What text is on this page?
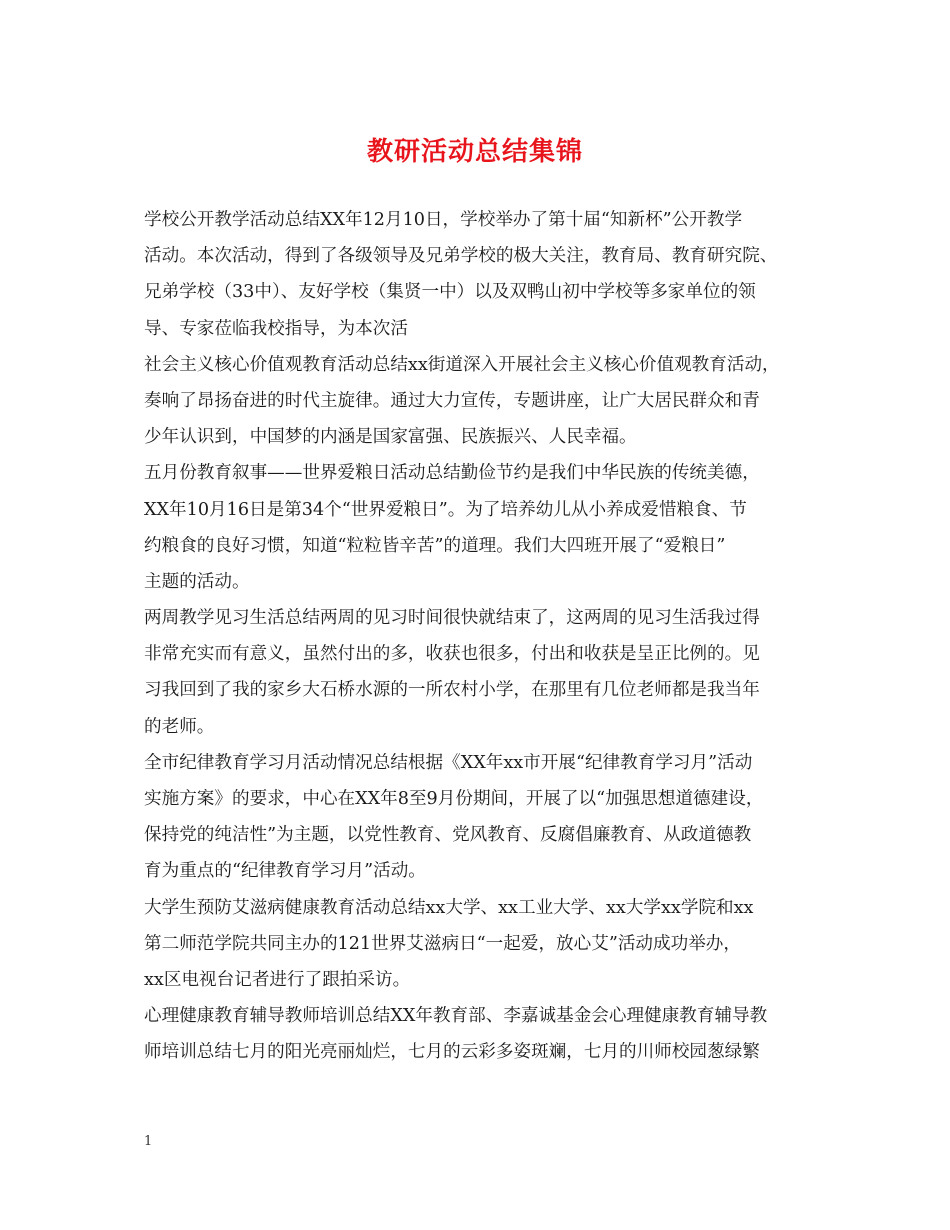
教研活动总结集锦
学校公开教学活动总结XX年12月10日，学校举办了第十届“知新杯”公开教学
活动。本次活动，得到了各级领导及兄弟学校的极大关注，教育局、教育研究院、
兄弟学校（33中）、友好学校（集贤一中）以及双鸭山初中学校等多家单位的领
导、专家莅临我校指导，为本次活
社会主义核心价值观教育活动总结xx街道深入开展社会主义核心价值观教育活动，
奏响了昂扬奋进的时代主旋律。通过大力宣传，专题讲座，让广大居民群众和青
少年认识到，中国梦的内涵是国家富强、民族振兴、人民幸福。
五月份教育叙事——世界爱粮日活动总结勤俭节约是我们中华民族的传统美德，
XX年10月16日是第34个“世界爱粮日”。为了培养幼儿从小养成爱惜粮食、节
约粮食的良好习惯，知道“粒粒皆辛苦”的道理。我们大四班开展了“爱粮日”
主题的活动。
两周教学见习生活总结两周的见习时间很快就结束了，这两周的见习生活我过得
非常充实而有意义，虽然付出的多，收获也很多，付出和收获是呈正比例的。见
习我回到了我的家乡大石桥水源的一所农村小学，在那里有几位老师都是我当年
的老师。
全市纪律教育学习月活动情况总结根据《XX年xx市开展“纪律教育学习月”活动
实施方案》的要求，中心在XX年8至9月份期间，开展了以“加强思想道德建设，
保持党的纯洁性”为主题，以党性教育、党风教育、反腐倡廉教育、从政道德教
育为重点的“纪律教育学习月”活动。
大学生预防艾滋病健康教育活动总结xx大学、xx工业大学、xx大学xx学院和xx
第二师范学院共同主办的121世界艾滋病日“一起爱，放心艾”活动成功举办，
xx区电视台记者进行了跟拍采访。
心理健康教育辅导教师培训总结XX年教育部、李嘉诚基金会心理健康教育辅导教
师培训总结七月的阳光亮丽灿烂，七月的云彩多姿斑斓，七月的川师校园葱绿繁
1
